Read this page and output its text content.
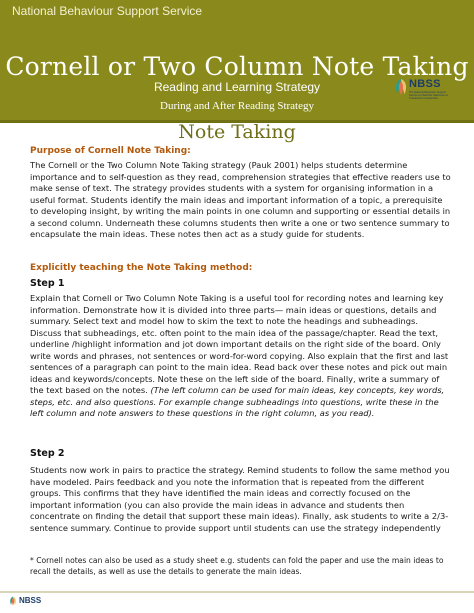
National Behaviour Support Service
Cornell or Two Column Note Taking
Reading and Learning Strategy
During and After Reading Strategy
NBSS
The National Behaviour Support Service An tSeirbhís Náisiúnta um Thacaíocht Iompraíochta
Note Taking
Purpose of Cornell Note Taking:

The Cornell or the Two Column Note Taking strategy (Pauk 2001) helps students determine importance and to self-question as they read, comprehension strategies that effective readers use to make sense of text. The strategy provides students with a system for organising information in a useful format. Students identify the main ideas and important information of a topic, a prerequisite to developing insight, by writing the main points in one column and supporting or essential details in a second column. Underneath these columns students then write a one or two sentence summary to encapsulate the main ideas. These notes then act as a study guide for students.

Explicitly teaching the Note Taking method:
Step 1

Explain that Cornell or Two Column Note Taking is a useful tool for recording notes and learning key information. Demonstrate how it is divided into three parts— main ideas or questions, details and summary. Select text and model how to skim the text to note the headings and subheadings. Discuss that subheadings, etc. often point to the main idea of the passage/chapter. Read the text, underline /highlight information and jot down important details on the right side of the board. Only write words and phrases, not sentences or word-for-word copying. Also explain that the first and last sentences of a paragraph can point to the main idea. Read back over these notes and pick out main ideas and keywords/concepts. Note these on the left side of the board. Finally, write a summary of the text based on the notes. (The left column can be used for main ideas, key concepts, key words, steps, etc. and also questions. For example change subheadings into questions, write these in the left column and note answers to these questions in the right column, as you read).

Step 2

Students now work in pairs to practice the strategy. Remind students to follow the same method you have modeled. Pairs feedback and you note the information that is repeated from the different groups. This confirms that they have identified the main ideas and correctly focused on the important information (you can also provide the main ideas in advance and students then concentrate on finding the detail that support these main ideas). Finally, ask students to write a 2/3-sentence summary. Continue to provide support until students can use the strategy independently

* Cornell notes can also be used as a study sheet e.g. students can fold the paper and use the main ideas to recall the details, as well as use the details to generate the main ideas.

NBSS
